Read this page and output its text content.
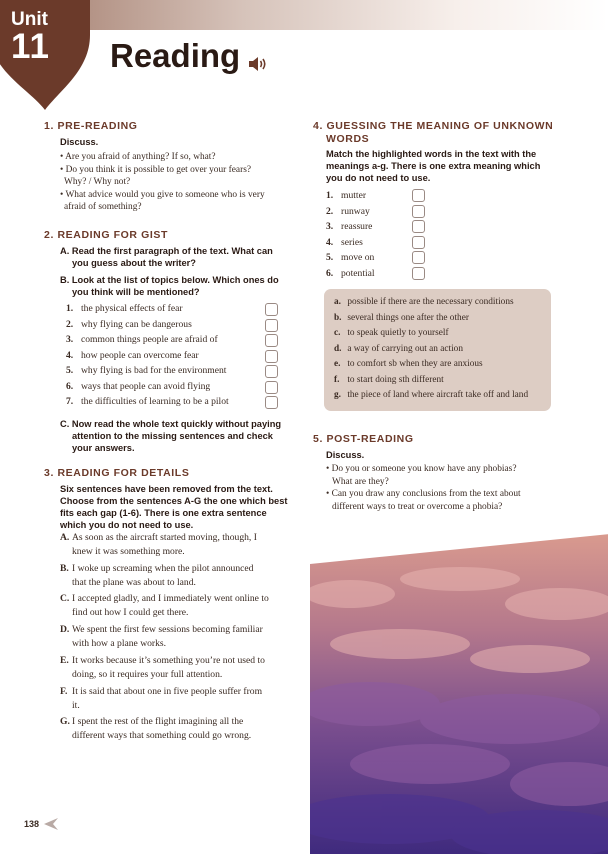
Unit
11 Reading
1. PRE-READING
Discuss.
• Are you afraid of anything? If so, what?
• Do you think it is possible to get over your fears?
Why? / Why not?
• What advice would you give to someone who is very
afraid of something?
2. READING FOR GIST
A. Read the first paragraph of the text. What can
you guess about the writer?
B. Look at the list of topics below. Which ones do
you think will be mentioned?
1. the physical effects of fear
2. why flying can be dangerous
3. common things people are afraid of
4. how people can overcome fear
5. why flying is bad for the environment
6. ways that people can avoid flying
7. the difficulties of learning to be a pilot
C. Now read the whole text quickly without paying
attention to the missing sentences and check
your answers.
3. READING FOR DETAILS
Six sentences have been removed from the text.
Choose from the sentences A-G the one which best
fits each gap (1-6). There is one extra sentence
which you do not need to use.
A. As soon as the aircraft started moving, though, I
knew it was something more.
B. I woke up screaming when the pilot announced
that the plane was about to land.
C. I accepted gladly, and I immediately went online to
find out how I could get there.
D. We spent the first few sessions becoming familiar
with how a plane works.
E. It works because it’s something you’re not used to
doing, so it requires your full attention.
F. It is said that about one in five people suffer from
it.
G. I spent the rest of the flight imagining all the
different ways that something could go wrong.
4. GUESSING THE MEANING OF UNKNOWN
WORDS
Match the highlighted words in the text with the
meanings a-g. There is one extra meaning which
you do not need to use.
1. mutter
2. runway
3. reassure
4. series
5. move on
6. potential
a. possible if there are the necessary conditions
b. several things one after the other
c. to speak quietly to yourself
d. a way of carrying out an action
e. to comfort sb when they are anxious
f. to start doing sth different
g. the piece of land where aircraft take off and land
5. POST-READING
Discuss.
• Do you or someone you know have any phobias?
What are they?
• Can you draw any conclusions from the text about
different ways to treat or overcome a phobia?
138
